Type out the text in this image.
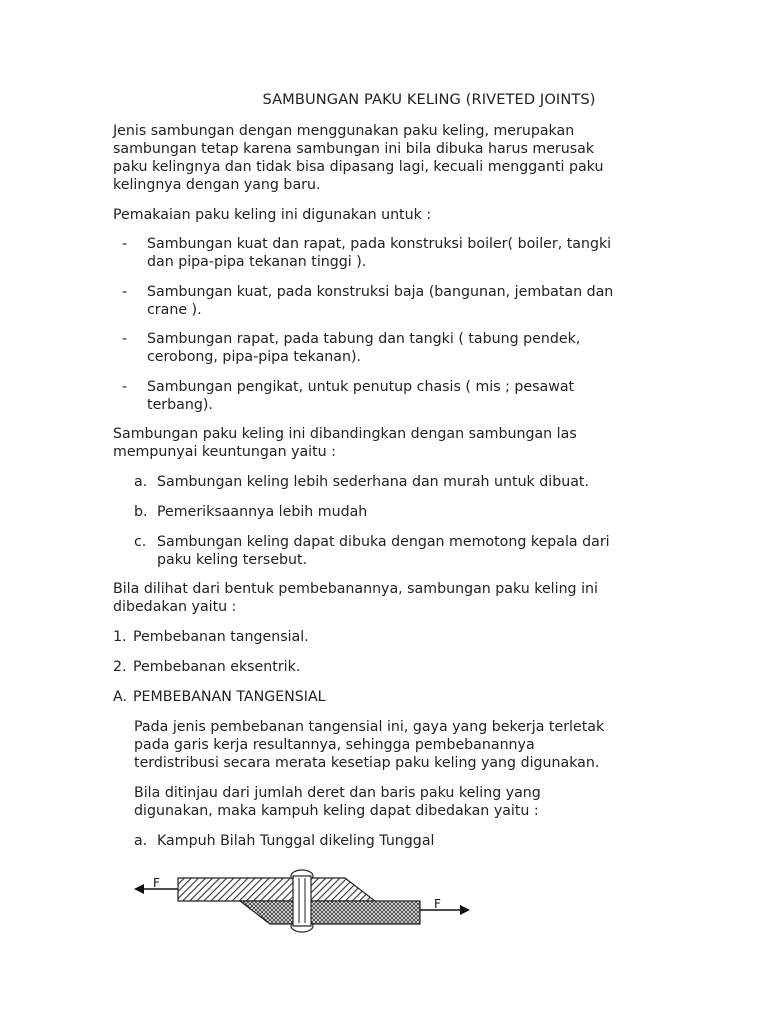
SAMBUNGAN PAKU KELING (RIVETED JOINTS)
Jenis sambungan dengan menggunakan paku keling, merupakan
sambungan tetap karena sambungan ini bila dibuka harus merusak
paku kelingnya dan tidak bisa dipasang lagi, kecuali mengganti paku
kelingnya dengan yang baru.
Pemakaian paku keling ini digunakan untuk :
- Sambungan kuat dan rapat, pada konstruksi boiler( boiler, tangki
dan pipa-pipa tekanan tinggi ).
- Sambungan kuat, pada konstruksi baja (bangunan, jembatan dan
crane ).
- Sambungan rapat, pada tabung dan tangki ( tabung pendek,
cerobong, pipa-pipa tekanan).
- Sambungan pengikat, untuk penutup chasis ( mis ; pesawat
terbang).
Sambungan paku keling ini dibandingkan dengan sambungan las
mempunyai keuntungan yaitu :
a. Sambungan keling lebih sederhana dan murah untuk dibuat.
b. Pemeriksaannya lebih mudah
c. Sambungan keling dapat dibuka dengan memotong kepala dari
paku keling tersebut.
Bila dilihat dari bentuk pembebanannya, sambungan paku keling ini
dibedakan yaitu :
1. Pembebanan tangensial.
2. Pembebanan eksentrik.
A. PEMBEBANAN TANGENSIAL
Pada jenis pembebanan tangensial ini, gaya yang bekerja terletak
pada garis kerja resultannya, sehingga pembebanannya
terdistribusi secara merata kesetiap paku keling yang digunakan.
Bila ditinjau dari jumlah deret dan baris paku keling yang
digunakan, maka kampuh keling dapat dibedakan yaitu :
a. Kampuh Bilah Tunggal dikeling Tunggal
F
F
